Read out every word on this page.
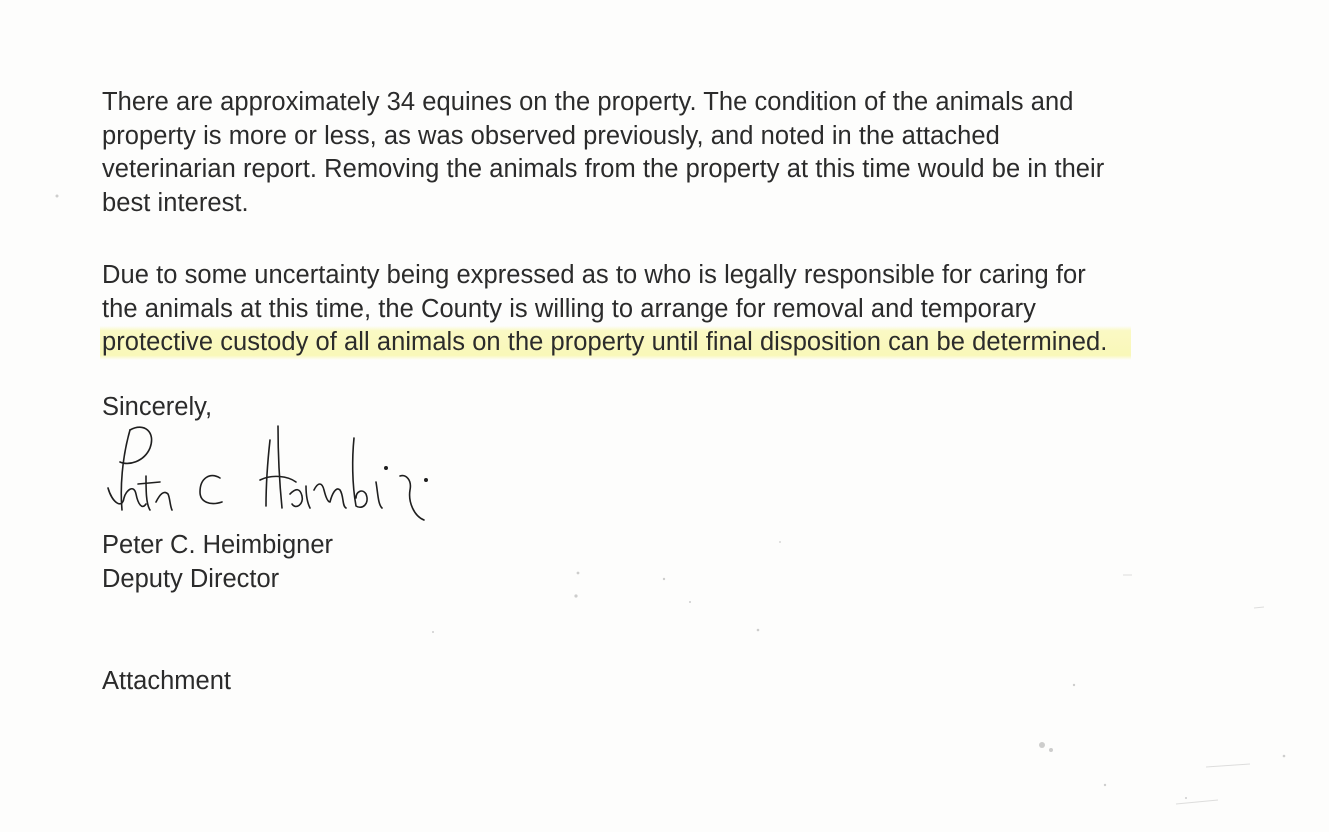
There are approximately 34 equines on the property. The condition of the animals and
property is more or less, as was observed previously, and noted in the attached
veterinarian report. Removing the animals from the property at this time would be in their
best interest.
Due to some uncertainty being expressed as to who is legally responsible for caring for
the animals at this time, the County is willing to arrange for removal and temporary
protective custody of all animals on the property until final disposition can be determined.
Sincerely,
Peter C. Heimbigner
Deputy Director
Attachment
